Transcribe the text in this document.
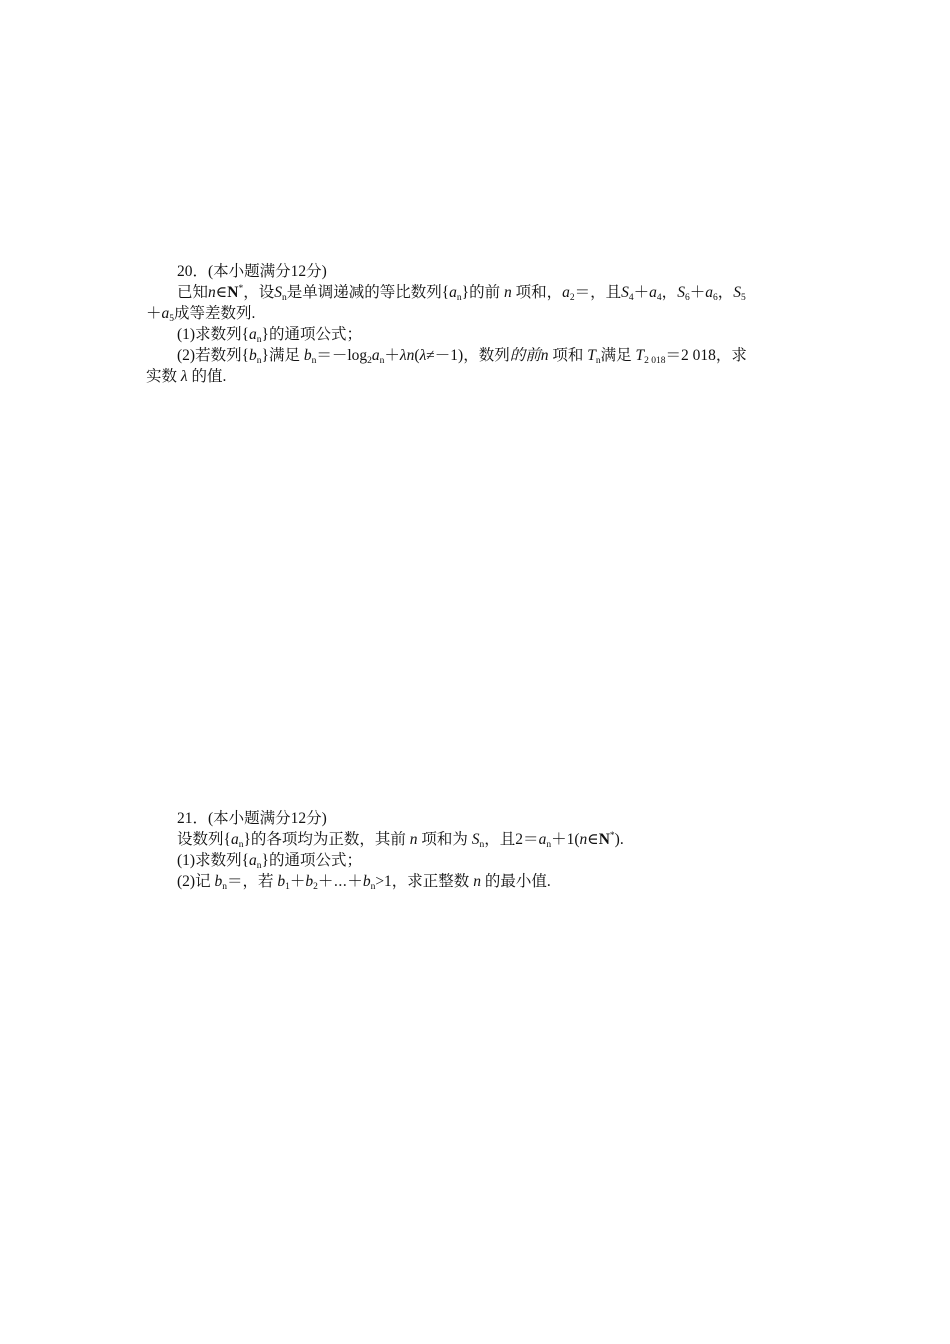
20．(本小题满分12分)

已知n∈N*，设$S_n$是单调递减的等比数列$\{a_n\}$的前 n 项和，$a_2=$，且$S_4+a_4$，$S_6+a_6$，$S_5$
$+a_5$成等差数列.

(1)求数列$\{a_n\}$的通项公式；

(2)若数列$\{b_n\}$满足 $b_n=-\log_2a_n+\lambda n(\lambda\ne-1)$，数列的前n 项和 $T_n$满足 $T_{2 018}=2$ 018，求
实数 λ 的值.

21．(本小题满分12分)

设数列$\{a_n\}$的各项均为正数，其前 n 项和为 $S_n$，且$2=a_n+1(n\in N^*)$.

(1)求数列$\{a_n\}$的通项公式；

(2)记 $b_n=$，若 $b_1+b_2+\cdots+b_n>1$，求正整数 n 的最小值.
